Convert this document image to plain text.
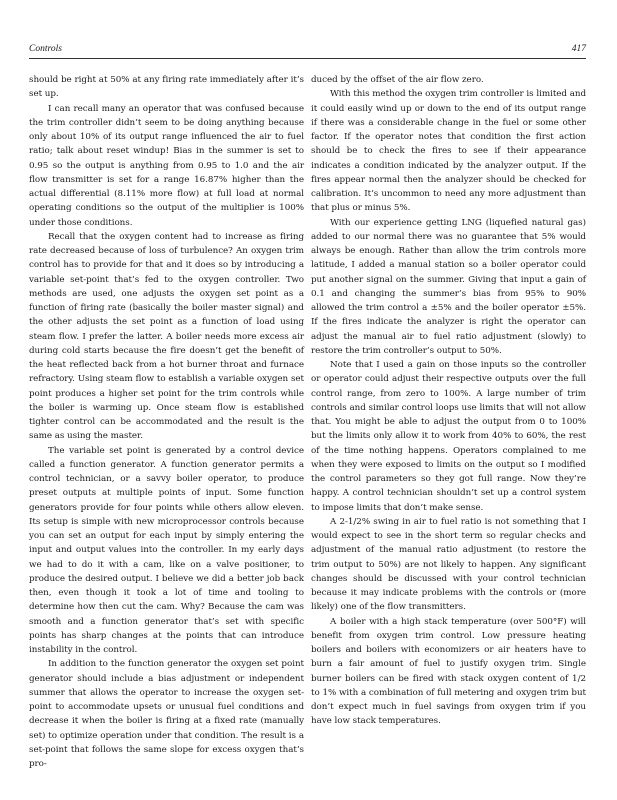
Controls	417

should be right at 50% at any firing rate immediately after it’s set up.

I can recall many an operator that was confused because the trim controller didn’t seem to be doing anything because only about 10% of its output range influenced the air to fuel ratio; talk about reset windup! Bias in the summer is set to 0.95 so the output is anything from 0.95 to 1.0 and the air flow transmitter is set for a range 16.87% higher than the actual differential (8.11% more flow) at full load at normal operating conditions so the output of the multiplier is 100% under those conditions.

Recall that the oxygen content had to increase as firing rate decreased because of loss of turbulence? An oxygen trim control has to provide for that and it does so by introducing a variable set-point that’s fed to the oxygen controller. Two methods are used, one adjusts the oxygen set point as a function of firing rate (basically the boiler master signal) and the other adjusts the set point as a function of load using steam flow. I prefer the latter. A boiler needs more excess air during cold starts because the fire doesn’t get the benefit of the heat reflected back from a hot burner throat and furnace refractory. Using steam flow to establish a variable oxygen set point produces a higher set point for the trim controls while the boiler is warming up. Once steam flow is established tighter control can be accommodated and the result is the same as using the master.

The variable set point is generated by a control device called a function generator. A function generator permits a control technician, or a savvy boiler operator, to produce preset outputs at multiple points of input. Some function generators provide for four points while others allow eleven. Its setup is simple with new microprocessor controls because you can set an output for each input by simply entering the input and output values into the controller. In my early days we had to do it with a cam, like on a valve positioner, to produce the desired output. I believe we did a better job back then, even though it took a lot of time and tooling to determine how then cut the cam. Why? Because the cam was smooth and a function generator that’s set with specific points has sharp changes at the points that can introduce instability in the control.

In addition to the function generator the oxygen set point generator should include a bias adjustment or independent summer that allows the operator to increase the oxygen set-point to accommodate upsets or unusual fuel conditions and decrease it when the boiler is firing at a fixed rate (manually set) to optimize operation under that condition. The result is a set-point that follows the same slope for excess oxygen that’s pro-

duced by the offset of the air flow zero.

With this method the oxygen trim controller is limited and it could easily wind up or down to the end of its output range if there was a considerable change in the fuel or some other factor. If the operator notes that condition the first action should be to check the fires to see if their appearance indicates a condition indicated by the analyzer output. If the fires appear normal then the analyzer should be checked for calibration. It’s uncommon to need any more adjustment than that plus or minus 5%.

With our experience getting LNG (liquefied natural gas) added to our normal there was no guarantee that 5% would always be enough. Rather than allow the trim controls more latitude, I added a manual station so a boiler operator could put another signal on the summer. Giving that input a gain of 0.1 and changing the summer’s bias from 95% to 90% allowed the trim control a ±5% and the boiler operator ±5%. If the fires indicate the analyzer is right the operator can adjust the manual air to fuel ratio adjustment (slowly) to restore the trim controller’s output to 50%.

Note that I used a gain on those inputs so the controller or operator could adjust their respective outputs over the full control range, from zero to 100%. A large number of trim controls and similar control loops use limits that will not allow that. You might be able to adjust the output from 0 to 100% but the limits only allow it to work from 40% to 60%, the rest of the time nothing happens. Operators complained to me when they were exposed to limits on the output so I modified the control parameters so they got full range. Now they’re happy. A control technician shouldn’t set up a control system to impose limits that don’t make sense.

A 2-1/2% swing in air to fuel ratio is not something that I would expect to see in the short term so regular checks and adjustment of the manual ratio adjustment (to restore the trim output to 50%) are not likely to happen. Any significant changes should be discussed with your control technician because it may indicate problems with the controls or (more likely) one of the flow transmitters.

A boiler with a high stack temperature (over 500°F) will benefit from oxygen trim control. Low pressure heating boilers and boilers with economizers or air heaters have to burn a fair amount of fuel to justify oxygen trim. Single burner boilers can be fired with stack oxygen content of 1/2 to 1% with a combination of full metering and oxygen trim but don’t expect much in fuel savings from oxygen trim if you have low stack temperatures.
